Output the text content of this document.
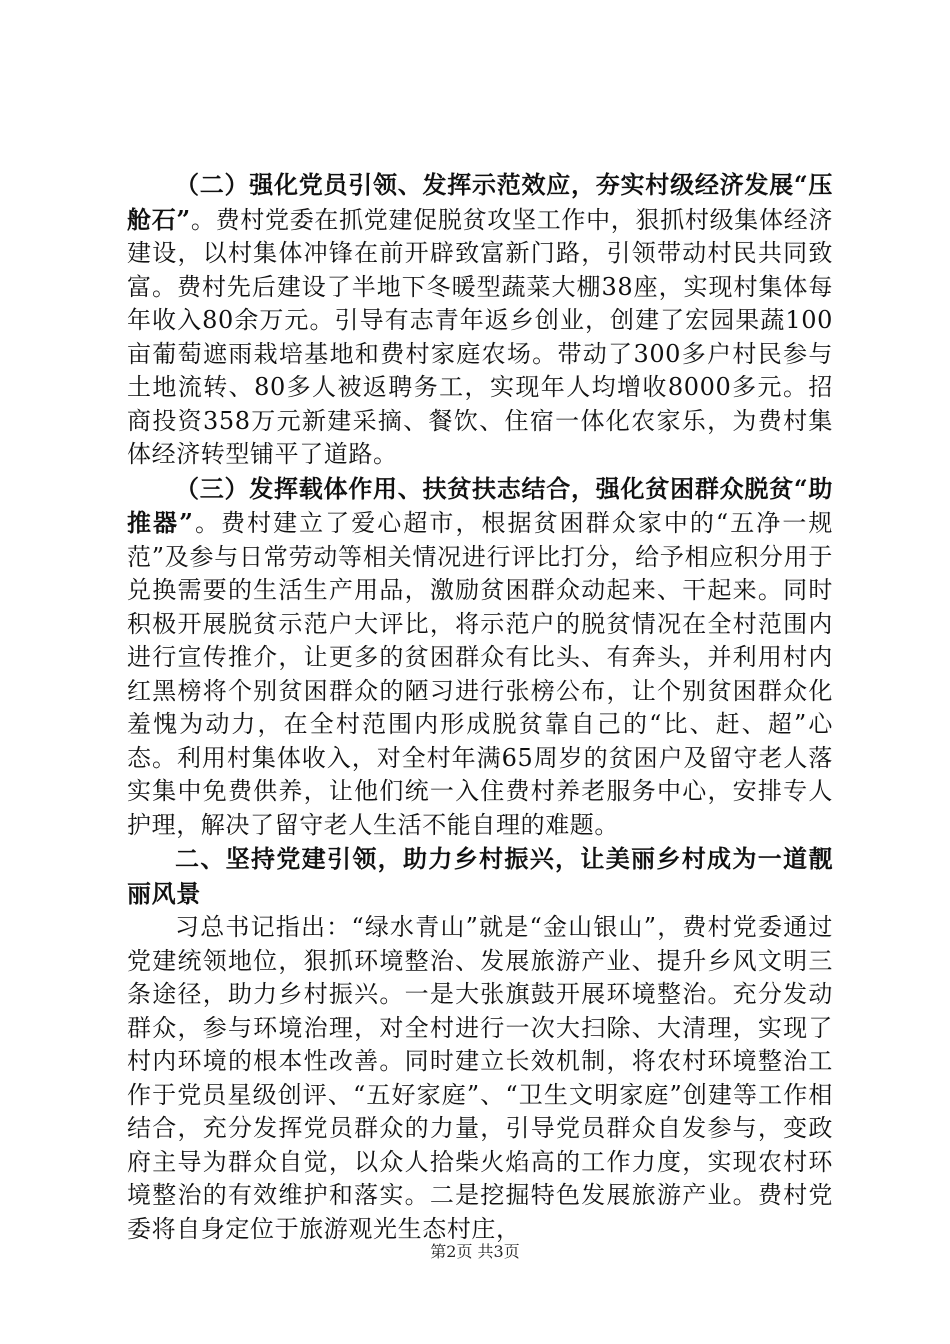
（二）强化党员引领、发挥示范效应，夯实村级经济发展“压舱石”。费村党委在抓党建促脱贫攻坚工作中，狠抓村级集体经济建设，以村集体冲锋在前开辟致富新门路，引领带动村民共同致富。费村先后建设了半地下冬暖型蔬菜大棚38座，实现村集体每年收入80余万元。引导有志青年返乡创业，创建了宏园果蔬100亩葡萄遮雨栽培基地和费村家庭农场。带动了300多户村民参与土地流转、80多人被返聘务工，实现年人均增收8000多元。招商投资358万元新建采摘、餐饮、住宿一体化农家乐，为费村集体经济转型铺平了道路。

（三）发挥载体作用、扶贫扶志结合，强化贫困群众脱贫“助推器”。费村建立了爱心超市，根据贫困群众家中的“五净一规范”及参与日常劳动等相关情况进行评比打分，给予相应积分用于兑换需要的生活生产用品，激励贫困群众动起来、干起来。同时积极开展脱贫示范户大评比，将示范户的脱贫情况在全村范围内进行宣传推介，让更多的贫困群众有比头、有奔头，并利用村内红黑榜将个别贫困群众的陋习进行张榜公布，让个别贫困群众化羞愧为动力，在全村范围内形成脱贫靠自己的“比、赶、超”心态。利用村集体收入，对全村年满65周岁的贫困户及留守老人落实集中免费供养，让他们统一入住费村养老服务中心，安排专人护理，解决了留守老人生活不能自理的难题。

二、坚持党建引领，助力乡村振兴，让美丽乡村成为一道靓丽风景

习总书记指出：“绿水青山”就是“金山银山”，费村党委通过党建统领地位，狠抓环境整治、发展旅游产业、提升乡风文明三条途径，助力乡村振兴。一是大张旗鼓开展环境整治。充分发动群众，参与环境治理，对全村进行一次大扫除、大清理，实现了村内环境的根本性改善。同时建立长效机制，将农村环境整治工作于党员星级创评、“五好家庭”、“卫生文明家庭”创建等工作相结合，充分发挥党员群众的力量，引导党员群众自发参与，变政府主导为群众自觉，以众人拾柴火焰高的工作力度，实现农村环境整治的有效维护和落实。二是挖掘特色发展旅游产业。费村党委将自身定位于旅游观光生态村庄，

第2页 共3页
